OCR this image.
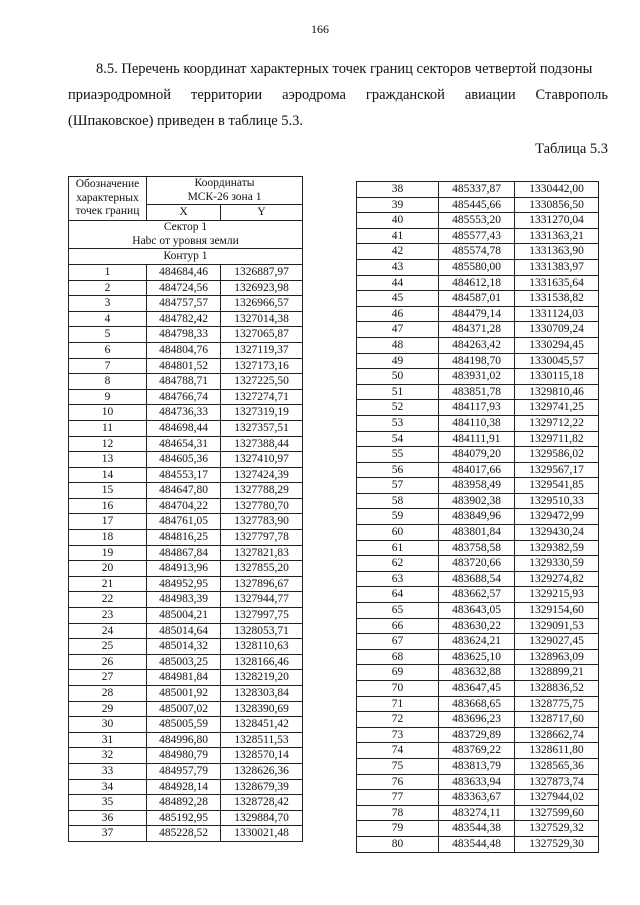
166
8.5. Перечень координат характерных точек границ секторов четвертой подзоны
приаэродромной территории аэродрома гражданской авиации Ставрополь
(Шпаковское) приведен в таблице 5.3.
Таблица 5.3
Обозначение
характерных
точек границ	Координаты
МСК-26 зона 1	

	X	Y

Сектор 1
Нabс от уровня земли		

Контур 1		
1	484684,46	1326887,97
2	484724,56	1326923,98
3	484757,57	1326966,57
4	484782,42	1327014,38
5	484798,33	1327065,87
6	484804,76	1327119,37
7	484801,52	1327173,16
8	484788,71	1327225,50
9	484766,74	1327274,71
10	484736,33	1327319,19
11	484698,44	1327357,51
12	484654,31	1327388,44
13	484605,36	1327410,97
14	484553,17	1327424,39
15	484647,80	1327788,29
16	484704,22	1327780,70
17	484761,05	1327783,90
18	484816,25	1327797,78
19	484867,84	1327821,83
20	484913,96	1327855,20
21	484952,95	1327896,67
22	484983,39	1327944,77
23	485004,21	1327997,75
24	485014,64	1328053,71
25	485014,32	1328110,63
26	485003,25	1328166,46
27	484981,84	1328219,20
28	485001,92	1328303,84
29	485007,02	1328390,69
30	485005,59	1328451,42
31	484996,80	1328511,53
32	484980,79	1328570,14
33	484957,79	1328626,36
34	484928,14	1328679,39
35	484892,28	1328728,42
36	485192,95	1329884,70
37	485228,52	1330021,48
38	485337,87	1330442,00
39	485445,66	1330856,50
40	485553,20	1331270,04
41	485577,43	1331363,21
42	485574,78	1331363,90
43	485580,00	1331383,97
44	484612,18	1331635,64
45	484587,01	1331538,82
46	484479,14	1331124,03
47	484371,28	1330709,24
48	484263,42	1330294,45
49	484198,70	1330045,57
50	483931,02	1330115,18
51	483851,78	1329810,46
52	484117,93	1329741,25
53	484110,38	1329712,22
54	484111,91	1329711,82
55	484079,20	1329586,02
56	484017,66	1329567,17
57	483958,49	1329541,85
58	483902,38	1329510,33
59	483849,96	1329472,99
60	483801,84	1329430,24
61	483758,58	1329382,59
62	483720,66	1329330,59
63	483688,54	1329274,82
64	483662,57	1329215,93
65	483643,05	1329154,60
66	483630,22	1329091,53
67	483624,21	1329027,45
68	483625,10	1328963,09
69	483632,88	1328899,21
70	483647,45	1328836,52
71	483668,65	1328775,75
72	483696,23	1328717,60
73	483729,89	1328662,74
74	483769,22	1328611,80
75	483813,79	1328565,36
76	483633,94	1327873,74
77	483363,67	1327944,02
78	483274,11	1327599,60
79	483544,38	1327529,32
80	483544,48	1327529,30
